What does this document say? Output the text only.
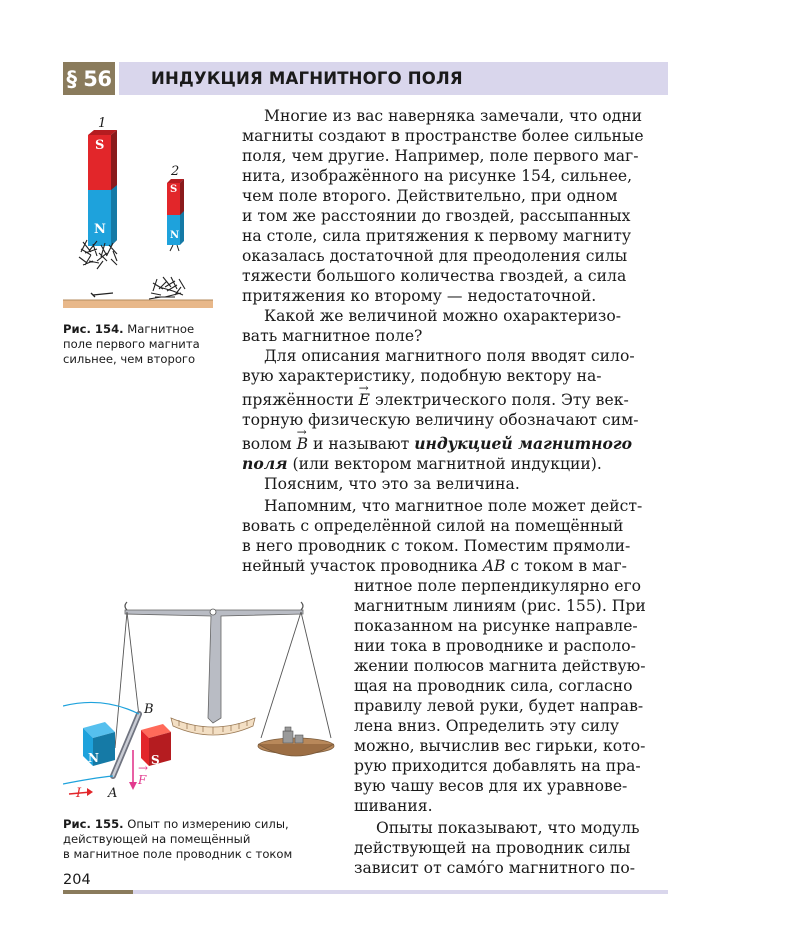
§ 56 ИНДУКЦИЯ МАГНИТНОГО ПОЛЯ
1
2
S
N
S
N
Рис. 154. Магнитное
поле первого магнита
сильнее, чем второго
Многие из вас наверняка замечали, что одни
магниты создают в пространстве более сильные
поля, чем другие. Например, поле первого маг-
нита, изображённого на рисунке 154, сильнее,
чем поле второго. Действительно, при одном
и том же расстоянии до гвоздей, рассыпанных
на столе, сила притяжения к первому магниту
оказалась достаточной для преодоления силы
тяжести большого количества гвоздей, а сила
притяжения ко второму — недостаточной.
Какой же величиной можно охарактеризо-
вать магнитное поле?
Для описания магнитного поля вводят сило-
вую характеристику, подобную вектору на-
пряжённости → E электрического поля. Эту век-
торную физическую величину обозначают сим-
волом → B и называют индукцией магнитного
поля (или вектором магнитной индукции).
Поясним, что это за величина.
Напомним, что магнитное поле может дейст-
вовать с определённой силой на помещённый
в него проводник с током. Поместим прямоли-
нейный участок проводника AB с током в маг-
нитное поле перпендикулярно его
магнитным линиям (рис. 155). При
показанном на рисунке направле-
нии тока в проводнике и располо-
жении полюсов магнита действую-
щая на проводник сила, согласно
правилу левой руки, будет направ-
лена вниз. Определить эту силу
можно, вычислив вес гирьки, кото-
рую приходится добавлять на пра-
вую чашу весов для их уравнове-
шивания.
Опыты показывают, что модуль
действующей на проводник силы
зависит от само́го магнитного по-
B
A
→ F
I
N	S
Рис. 155. Опыт по измерению силы,
действующей на помещённый
в магнитное поле проводник с током
204
